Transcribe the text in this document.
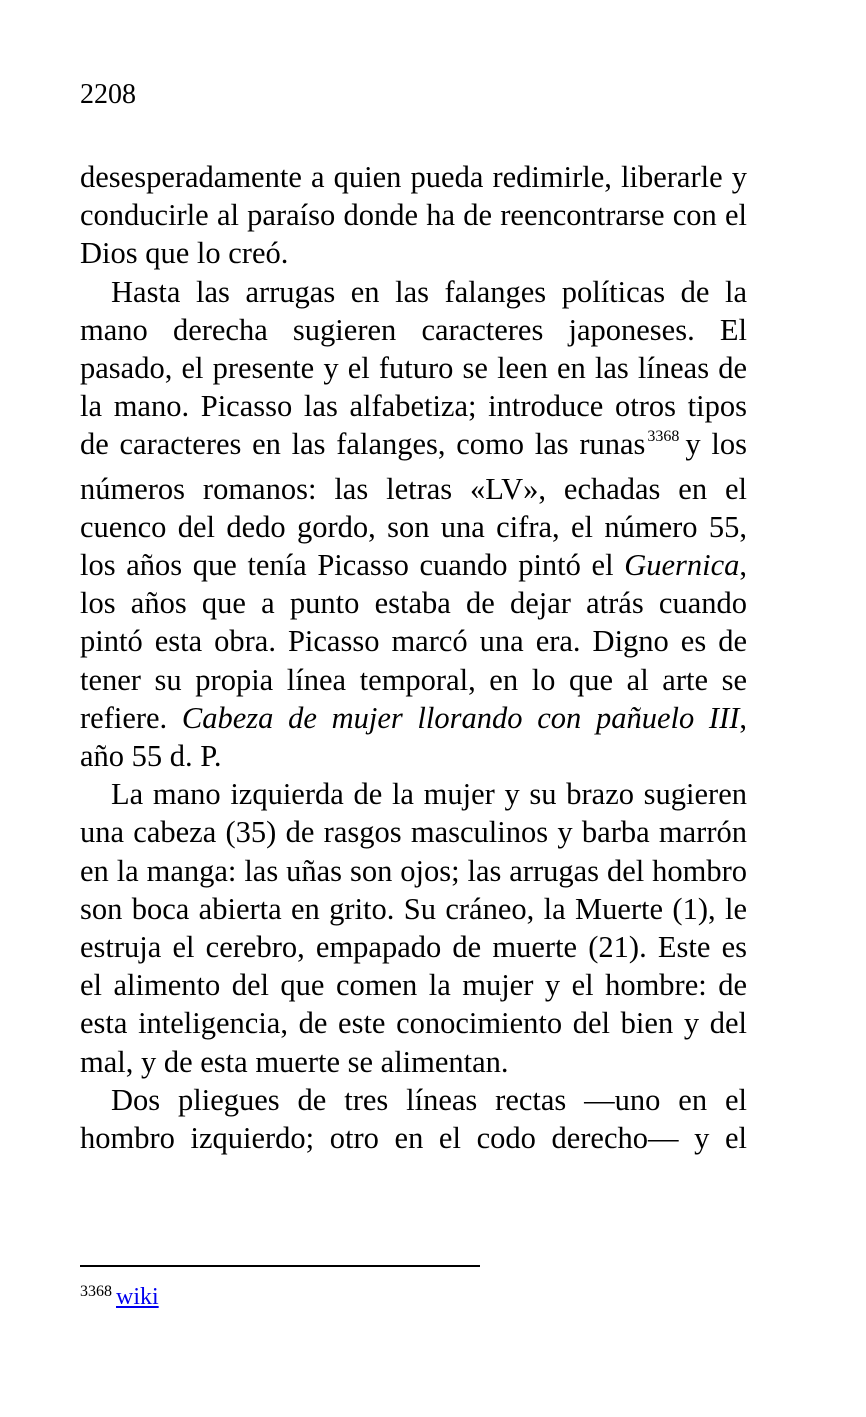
2208

desesperadamente a quien pueda redimirle, liberarle y conducirle al paraíso donde ha de reencontrarse con el Dios que lo creó.

Hasta las arrugas en las falanges políticas de la mano derecha sugieren caracteres japoneses. El pasado, el presente y el futuro se leen en las líneas de la mano. Picasso las alfabetiza; introduce otros tipos de caracteres en las falanges, como las runas $^{3368}$ y los números romanos: las letras «LV», echadas en el cuenco del dedo gordo, son una cifra, el número 55, los años que tenía Picasso cuando pintó el Guernica, los años que a punto estaba de dejar atrás cuando pintó esta obra. Picasso marcó una era. Digno es de tener su propia línea temporal, en lo que al arte se refiere. Cabeza de mujer llorando con pañuelo III, año 55 d. P.

La mano izquierda de la mujer y su brazo sugieren una cabeza (35) de rasgos masculinos y barba marrón en la manga: las uñas son ojos; las arrugas del hombro son boca abierta en grito. Su cráneo, la Muerte (1), le estruja el cerebro, empapado de muerte (21). Este es el alimento del que comen la mujer y el hombre: de esta inteligencia, de este conocimiento del bien y del mal, y de esta muerte se alimentan.

Dos pliegues de tres líneas rectas —uno en el hombro izquierdo; otro en el codo derecho— y el

$^{3368}$ wiki
